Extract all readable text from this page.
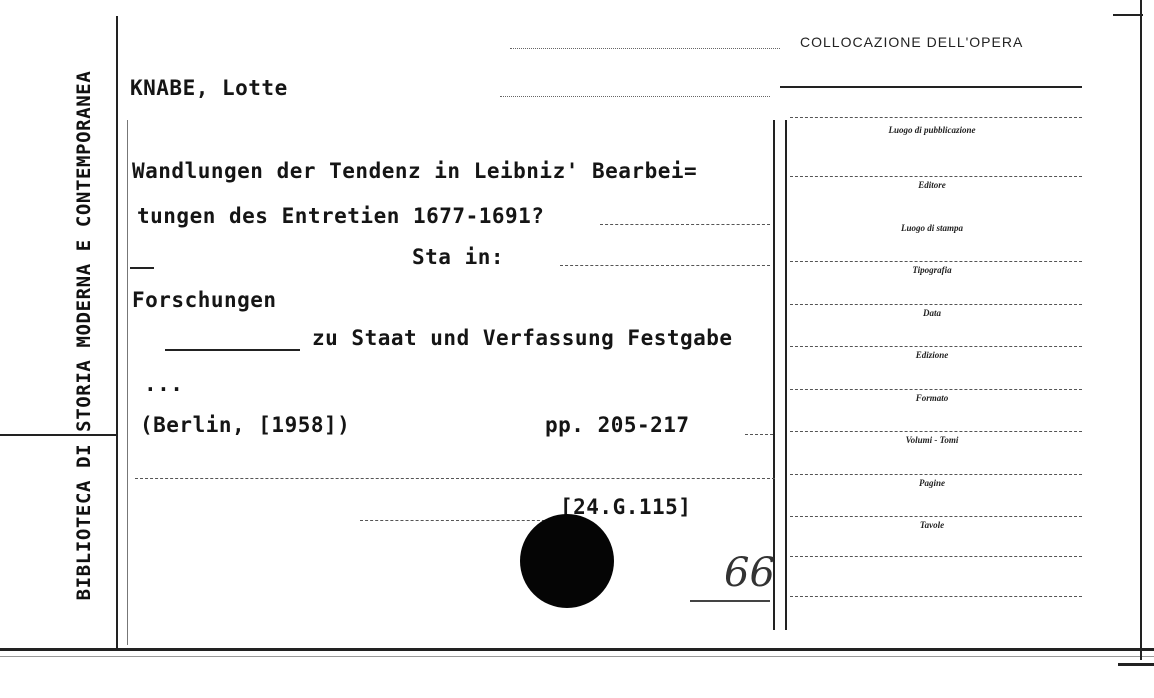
BIBLIOTECA DI STORIA MODERNA E CONTEMPORANEA
COLLOCAZIONE DELL'OPERA
KNABE, Lotte
Wandlungen der Tendenz in Leibniz' Bearbei=
tungen des Entretien 1677-1691?
Sta in:
Forschungen
zu Staat und Verfassung Festgabe
...
(Berlin, [1958])	pp. 205-217
[24.G.115]
66
Luogo di pubblicazione
Editore
Luogo di stampa
Tipografia
Data
Edizione
Formato
Volumi - Tomi
Pagine
Tavole
